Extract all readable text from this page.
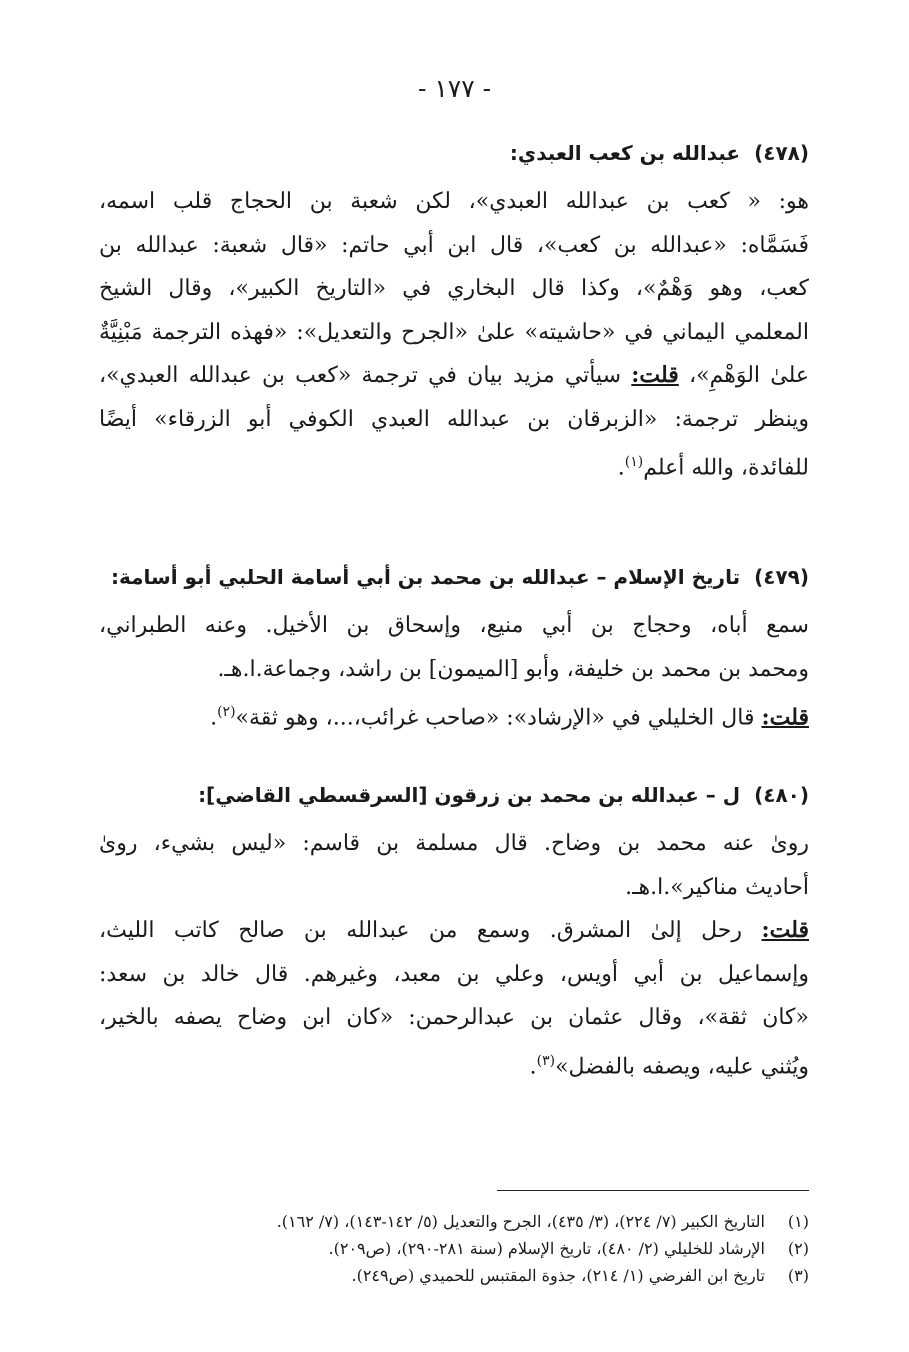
- ١٧٧ -
(٤٧٨)عبدالله بن كعب العبدي:
هو: « كعب بن عبدالله العبدي»، لكن شعبة بن الحجاج قلب اسمه،
فَسَمَّاه: «عبدالله بن كعب»، قال ابن أبي حاتم: «قال شعبة: عبدالله بن
كعب، وهو وَهْمٌ»، وكذا قال البخاري في «التاريخ الكبير»، وقال الشيخ
المعلمي اليماني في «حاشيته» علىٰ «الجرح والتعديل»: «فهذه الترجمة مَبْنِيَّةٌ
علىٰ الوَهْمِ»، قلت: سيأتي مزيد بيان في ترجمة «كعب بن عبدالله العبدي»،
وينظر ترجمة: «الزبرقان بن عبدالله العبدي الكوفي أبو الزرقاء» أيضًا
للفائدة، والله أعلم$^{(١)}$.
(٤٧٩)تاريخ الإسلام – عبدالله بن محمد بن أبي أسامة الحلبي أبو أسامة:
سمع أباه، وحجاج بن أبي منيع، وإسحاق بن الأخيل. وعنه الطبراني،
ومحمد بن محمد بن خليفة، وأبو [الميمون] بن راشد، وجماعة.ا.هـ.
قلت: قال الخليلي في «الإرشاد»: «صاحب غرائب،...، وهو ثقة»$^{(٢)}$.
(٤٨٠)ل – عبدالله بن محمد بن زرقون [السرقسطي القاضي]:
روىٰ عنه محمد بن وضاح. قال مسلمة بن قاسم: «ليس بشيء، روىٰ
أحاديث مناكير».ا.هـ.
قلت: رحل إلىٰ المشرق. وسمع من عبدالله بن صالح كاتب الليث،
وإسماعيل بن أبي أويس، وعلي بن معبد، وغيرهم. قال خالد بن سعد:
«كان ثقة»، وقال عثمان بن عبدالرحمن: «كان ابن وضاح يصفه بالخير،
ويُثني عليه، ويصفه بالفضل»$^{(٣)}$.
(١)التاريخ الكبير (٧/ ٢٢٤)، (٣/ ٤٣٥)، الجرح والتعديل (٥/ ١٤٢-١٤٣)، (٧/ ١٦٢).
(٢)الإرشاد للخليلي (٢/ ٤٨٠)، تاريخ الإسلام (سنة ٢٨١-٢٩٠)، (ص٢٠٩).
(٣)تاريخ ابن الفرضي (١/ ٢١٤)، جذوة المقتبس للحميدي (ص٢٤٩).
